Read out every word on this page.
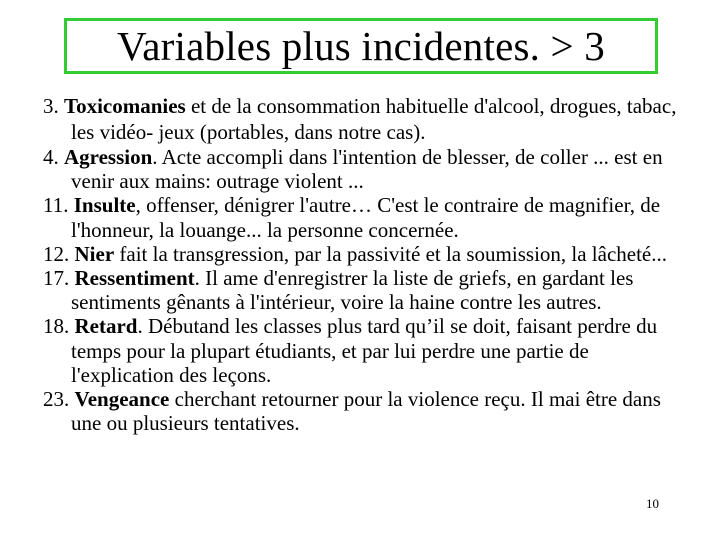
Variables plus incidentes. > 3

3. Toxicomanies et de la consommation habituelle d'alcool, drogues, tabac, les vidéo- jeux (portables, dans notre cas).

4. Agression. Acte accompli dans l'intention de blesser, de coller ... est en venir aux mains: outrage violent ...

11. Insulte, offenser, dénigrer l'autre… C'est le contraire de magnifier, de l'honneur, la louange... la personne concernée.

12. Nier fait la transgression, par la passivité et la soumission, la lâcheté...

17. Ressentiment. Il ame d'enregistrer la liste de griefs, en gardant les sentiments gênants à l'intérieur, voire la haine contre les autres.

18. Retard. Débutand les classes plus tard qu’il se doit, faisant perdre du temps pour la plupart étudiants, et par lui perdre une partie de l'explication des leçons.

23. Vengeance cherchant retourner pour la violence reçu. Il mai être dans une ou plusieurs tentatives.

10
